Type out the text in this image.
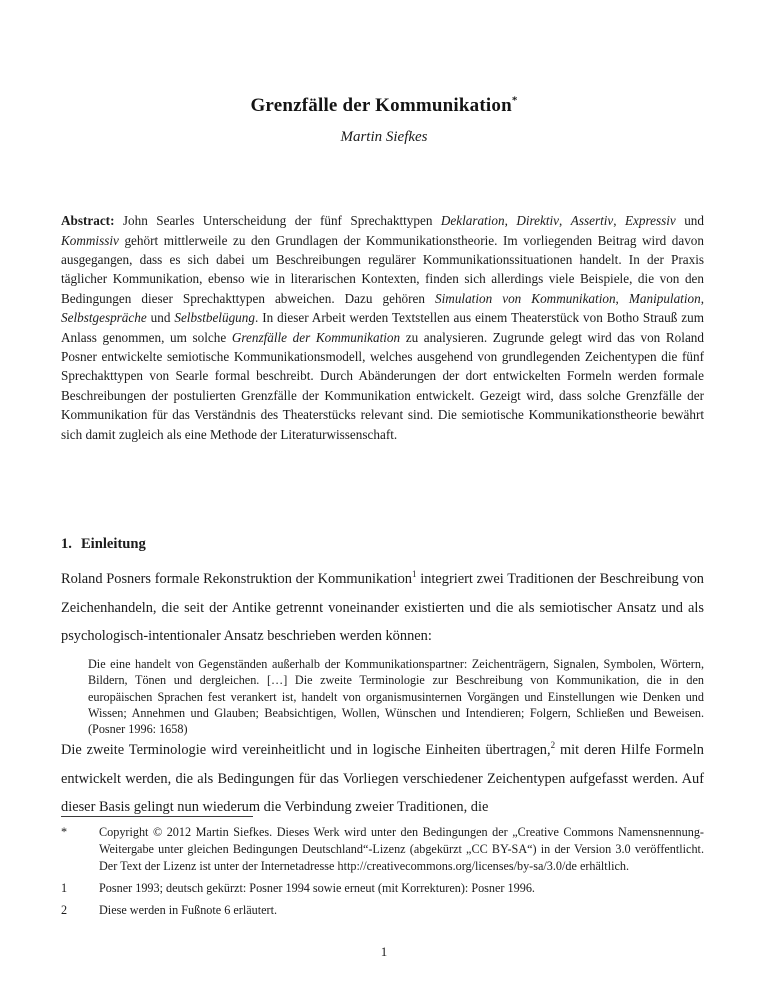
Grenzfälle der Kommunikation*
Martin Siefkes

Abstract: John Searles Unterscheidung der fünf Sprechakttypen Deklaration, Direktiv, Assertiv, Expressiv und Kommissiv gehört mittlerweile zu den Grundlagen der Kommunikationstheorie. Im vorliegenden Beitrag wird davon ausgegangen, dass es sich dabei um Beschreibungen regulärer Kommunikationssituationen handelt. In der Praxis täglicher Kommunikation, ebenso wie in literarischen Kontexten, finden sich allerdings viele Beispiele, die von den Bedingungen dieser Sprechakttypen abweichen. Dazu gehören Simulation von Kommunikation, Manipulation, Selbstgespräche und Selbstbelügung. In dieser Arbeit werden Textstellen aus einem Theaterstück von Botho Strauß zum Anlass genommen, um solche Grenzfälle der Kommunikation zu analysieren. Zugrunde gelegt wird das von Roland Posner entwickelte semiotische Kommunikationsmodell, welches ausgehend von grundlegenden Zeichentypen die fünf Sprechakttypen von Searle formal beschreibt. Durch Abänderungen der dort entwickelten Formeln werden formale Beschreibungen der postulierten Grenzfälle der Kommunikation entwickelt. Gezeigt wird, dass solche Grenzfälle der Kommunikation für das Verständnis des Theaterstücks relevant sind. Die semiotische Kommunikationstheorie bewährt sich damit zugleich als eine Methode der Literaturwissenschaft.

1. Einleitung

Roland Posners formale Rekonstruktion der Kommunikation$^1$ integriert zwei Traditionen der Beschreibung von Zeichenhandeln, die seit der Antike getrennt voneinander existierten und die als semiotischer Ansatz und als psychologisch-intentionaler Ansatz beschrieben werden können:

Die eine handelt von Gegenständen außerhalb der Kommunikationspartner: Zeichenträgern, Signalen, Symbolen, Wörtern, Bildern, Tönen und dergleichen. […] Die zweite Terminologie zur Beschreibung von Kommunikation, die in den europäischen Sprachen fest verankert ist, handelt von organismusinternen Vorgängen und Einstellungen wie Denken und Wissen; Annehmen und Glauben; Beabsichtigen, Wollen, Wünschen und Intendieren; Folgern, Schließen und Beweisen. (Posner 1996: 1658)

Die zweite Terminologie wird vereinheitlicht und in logische Einheiten übertragen,$^2$ mit deren Hilfe Formeln entwickelt werden, die als Bedingungen für das Vorliegen verschiedener Zeichentypen aufgefasst werden. Auf dieser Basis gelingt nun wiederum die Verbindung zweier Traditionen, die

*	Copyright © 2012 Martin Siefkes. Dieses Werk wird unter den Bedingungen der „Creative Commons Namensnennung-Weitergabe unter gleichen Bedingungen Deutschland“-Lizenz (abgekürzt „CC BY-SA“) in der Version 3.0 veröffentlicht. Der Text der Lizenz ist unter der Internetadresse http://creativecommons.org/licenses/by-sa/3.0/de erhältlich.
1	Posner 1993; deutsch gekürzt: Posner 1994 sowie erneut (mit Korrekturen): Posner 1996.
2	Diese werden in Fußnote 6 erläutert.
1
